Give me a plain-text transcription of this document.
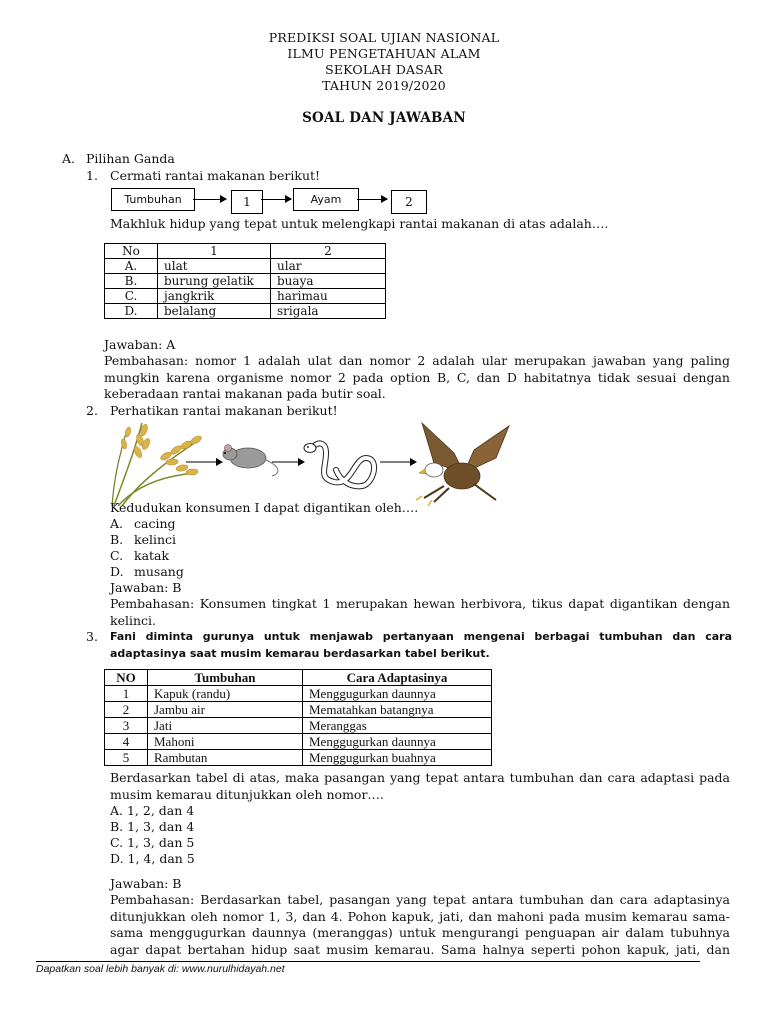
PREDIKSI SOAL UJIAN NASIONAL
ILMU PENGETAHUAN ALAM
SEKOLAH DASAR
TAHUN 2019/2020
SOAL DAN JAWABAN
A. Pilihan Ganda
1. Cermati rantai makanan berikut!
Tumbuhan	1	Ayam	2
Makhluk hidup yang tepat untuk melengkapi rantai makanan di atas adalah….
No	1	2
A.	ulat	ular
B.	burung gelatik	buaya
C.	jangkrik	harimau
D.	belalang	srigala
Jawaban: A
Pembahasan: nomor 1 adalah ulat dan nomor 2 adalah ular merupakan jawaban yang paling mungkin karena organisme nomor 2 pada option B, C, dan D habitatnya tidak sesuai dengan keberadaan rantai makanan pada butir soal.
2. Perhatikan rantai makanan berikut!
Kedudukan konsumen I dapat digantikan oleh….
A. cacing
B. kelinci
C. katak
D. musang
Jawaban: B
Pembahasan: Konsumen tingkat 1 merupakan hewan herbivora, tikus dapat digantikan dengan kelinci.
3. Fani diminta gurunya untuk menjawab pertanyaan mengenai berbagai tumbuhan dan cara adaptasinya saat musim kemarau berdasarkan tabel berikut.
NO	Tumbuhan	Cara Adaptasinya
1	Kapuk (randu)	Menggugurkan daunnya
2	Jambu air	Mematahkan batangnya
3	Jati	Meranggas
4	Mahoni	Menggugurkan daunnya
5	Rambutan	Menggugurkan buahnya
Berdasarkan tabel di atas, maka pasangan yang tepat antara tumbuhan dan cara adaptasi pada musim kemarau ditunjukkan oleh nomor….
A. 1, 2, dan 4
B. 1, 3, dan 4
C. 1, 3, dan 5
D. 1, 4, dan 5
Jawaban: B
Pembahasan: Berdasarkan tabel, pasangan yang tepat antara tumbuhan dan cara adaptasinya ditunjukkan oleh nomor 1, 3, dan 4. Pohon kapuk, jati, dan mahoni pada musim kemarau sama-sama menggugurkan daunnya (meranggas) untuk mengurangi penguapan air dalam tubuhnya agar dapat bertahan hidup saat musim kemarau. Sama halnya seperti pohon kapuk, jati, dan
Dapatkan soal lebih banyak di: www.nurulhidayah.net
